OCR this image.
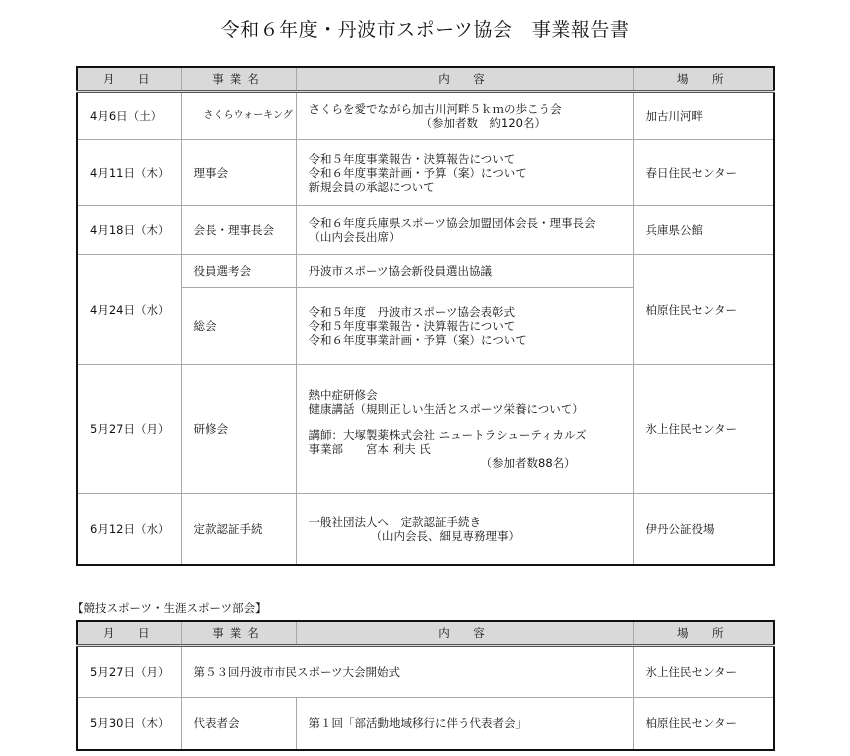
令和６年度・丹波市スポーツ協会　事業報告書
月　日	事業名	内　容	場　所
4月6日（土）	さくらウォーキング	さくらを愛でながら加古川河畔５ｋｍの歩こう会
（参加者数　約120名）	加古川河畔
4月11日（木）	理事会	令和５年度事業報告・決算報告について
令和６年度事業計画・予算（案）について
新規会員の承認について	春日住民センター
4月18日（木）	会長・理事長会	令和６年度兵庫県スポーツ協会加盟団体会長・理事長会
（山内会長出席）	兵庫県公館
4月24日（水）	役員選考会	丹波市スポーツ協会新役員選出協議	柏原住民センター
	総会	令和５年度　丹波市スポーツ協会表彰式
令和５年度事業報告・決算報告について
令和６年度事業計画・予算（案）について	

5月27日（月）	研修会	熱中症研修会
健康講話（規則正しい生活とスポーツ栄養について）
講師：大塚製薬株式会社 ニュートラシューティカルズ
事業部　　宮本 利夫 氏
（参加者数88名）	氷上住民センター
6月12日（水）	定款認証手続	一般社団法人へ　定款認証手続き
（山内会長、細見専務理事）	伊丹公証役場
【競技スポーツ・生涯スポーツ部会】
月　日	事業名	内　容	場　所
5月27日（月）	第５３回丹波市市民スポーツ大会開始式		氷上住民センター
5月30日（木）	代表者会	第１回「部活動地域移行に伴う代表者会」	柏原住民センター
